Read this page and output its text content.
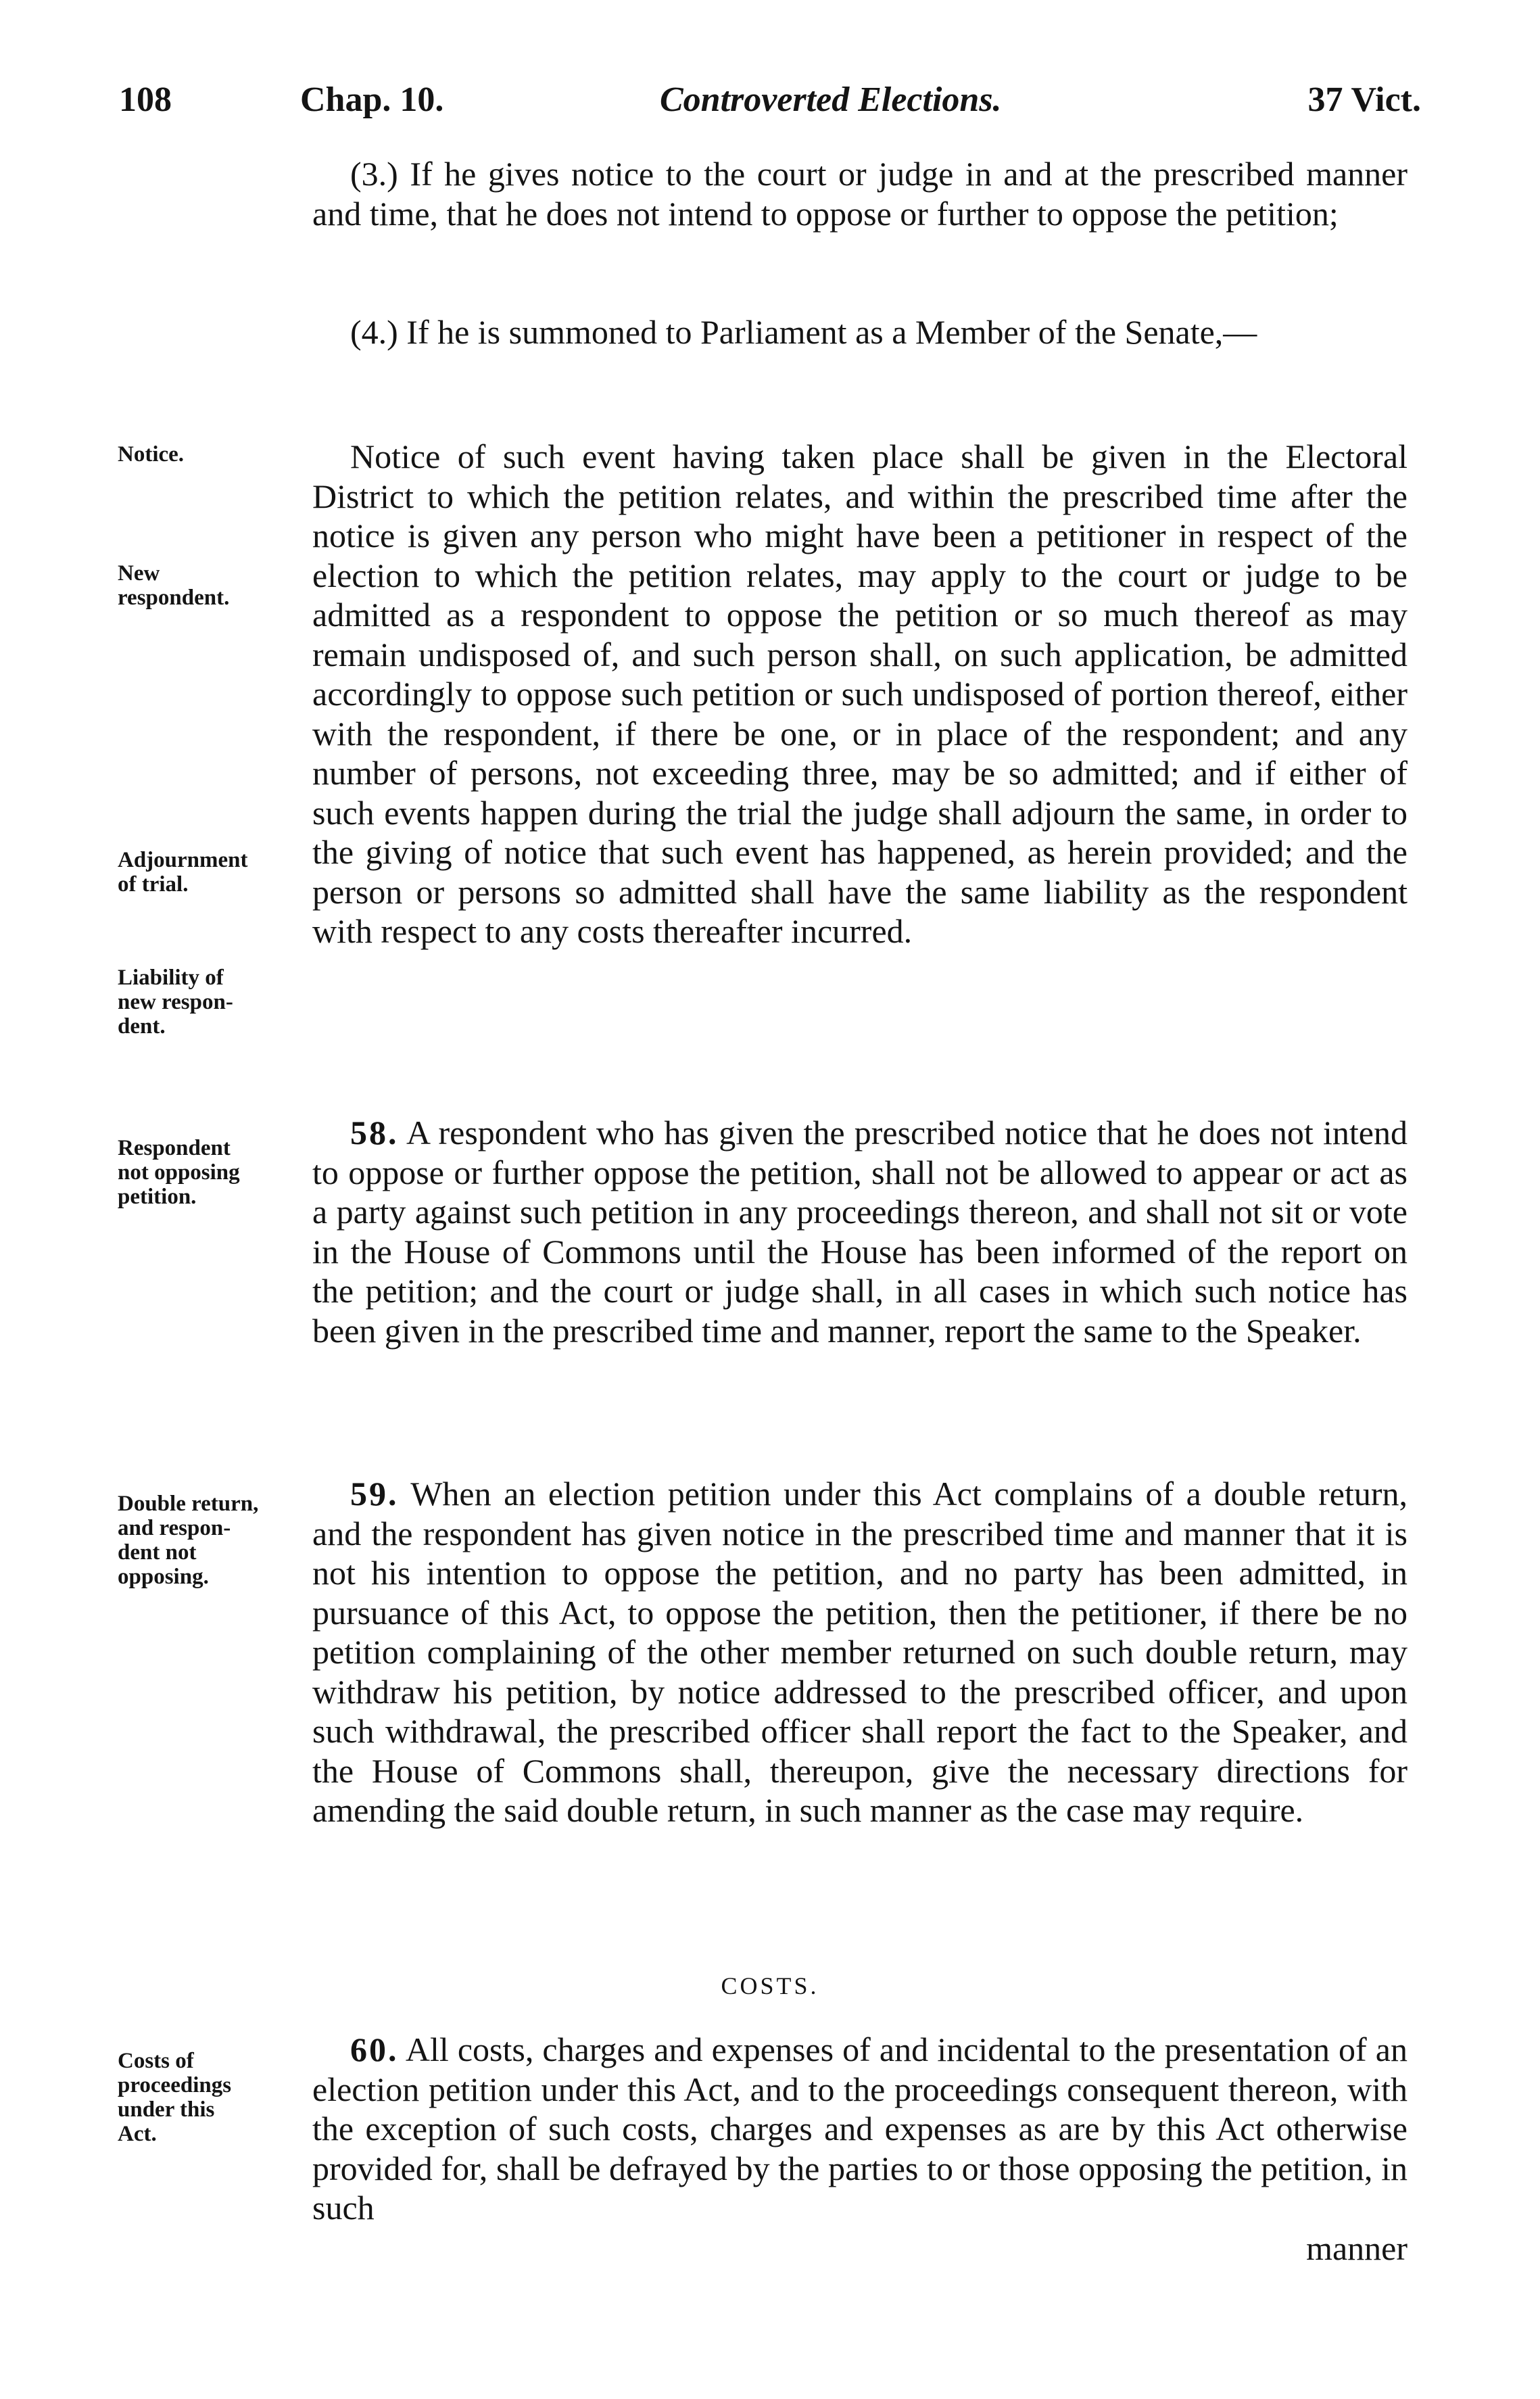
108	Chap. 10.	Controverted Elections.	37 Vict.

(3.) If he gives notice to the court or judge in and at the prescribed manner and time, that he does not intend to oppose or further to oppose the petition;

(4.) If he is summoned to Parliament as a Member of the Senate,—

Notice.
New
respondent.
Adjournment
of trial.
Liability of
new respon-
dent.

Notice of such event having taken place shall be given in the Electoral District to which the petition relates, and within the prescribed time after the notice is given any person who might have been a petitioner in respect of the election to which the petition relates, may apply to the court or judge to be admitted as a respondent to oppose the petition or so much thereof as may remain undisposed of, and such person shall, on such application, be admitted accordingly to oppose such petition or such undisposed of portion thereof, either with the respondent, if there be one, or in place of the respondent; and any number of persons, not exceeding three, may be so admitted; and if either of such events happen during the trial the judge shall adjourn the same, in order to the giving of notice that such event has happened, as herein provided; and the person or persons so admitted shall have the same liability as the respondent with respect to any costs thereafter incurred.

Respondent
not opposing
petition.

58. A respondent who has given the prescribed notice that he does not intend to oppose or further oppose the petition, shall not be allowed to appear or act as a party against such petition in any proceedings thereon, and shall not sit or vote in the House of Commons until the House has been informed of the report on the petition; and the court or judge shall, in all cases in which such notice has been given in the prescribed time and manner, report the same to the Speaker.

Double return,
and respon-
dent not
opposing.

59. When an election petition under this Act complains of a double return, and the respondent has given notice in the prescribed time and manner that it is not his intention to oppose the petition, and no party has been admitted, in pursuance of this Act, to oppose the petition, then the petitioner, if there be no petition complaining of the other member returned on such double return, may withdraw his petition, by notice addressed to the prescribed officer, and upon such withdrawal, the prescribed officer shall report the fact to the Speaker, and the House of Commons shall, thereupon, give the necessary directions for amending the said double return, in such manner as the case may require.

COSTS.
Costs of
proceedings
under this
Act.

60. All costs, charges and expenses of and incidental to the presentation of an election petition under this Act, and to the proceedings consequent thereon, with the exception of such costs, charges and expenses as are by this Act otherwise provided for, shall be defrayed by the parties to or those opposing the petition, in such

manner
